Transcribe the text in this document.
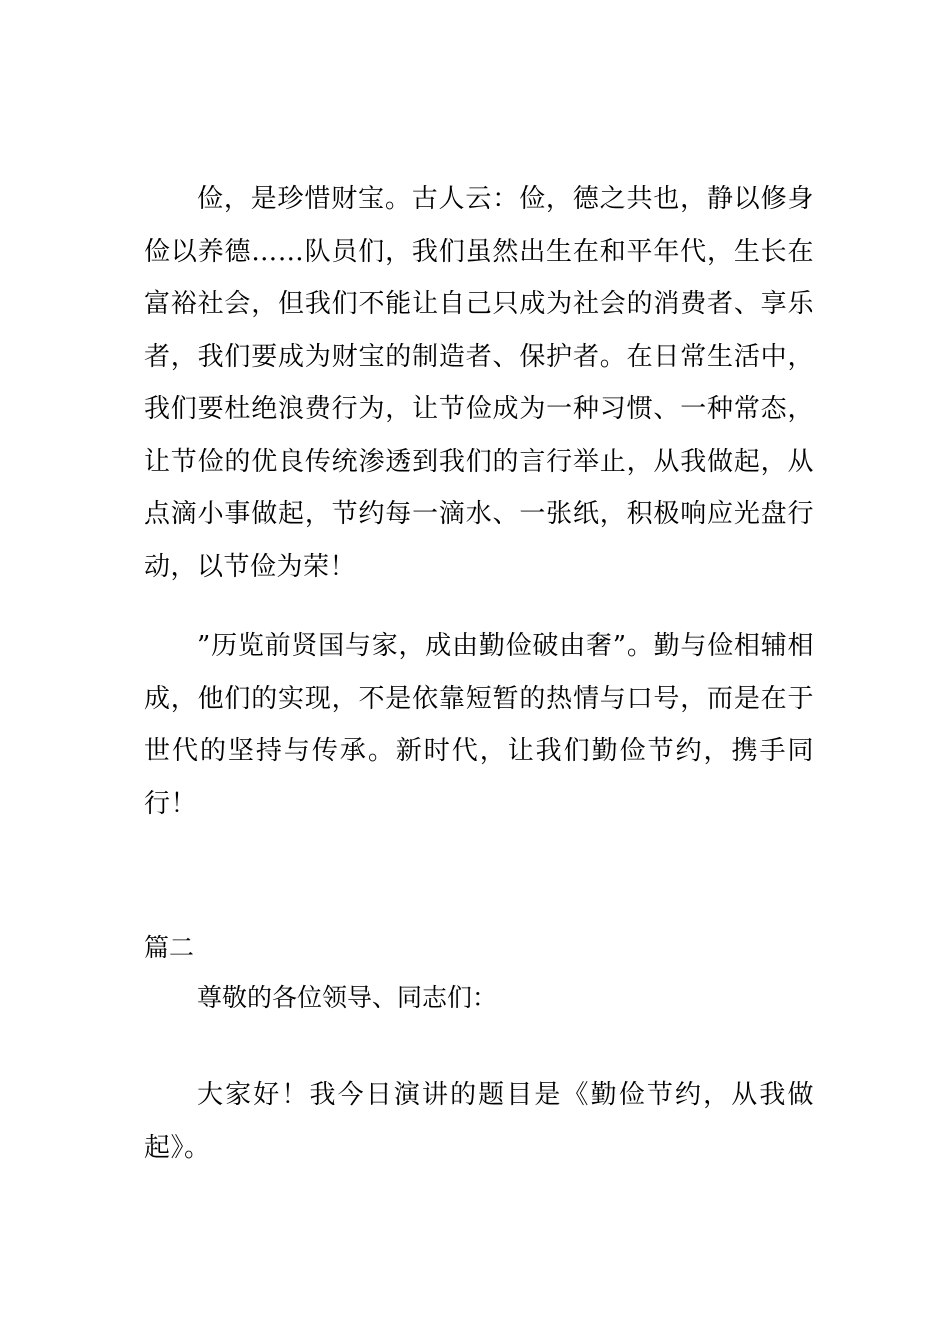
俭，是珍惜财宝。古人云：俭，德之共也，静以修身俭以养德……队员们，我们虽然出生在和平年代，生长在富裕社会，但我们不能让自己只成为社会的消费者、享乐者，我们要成为财宝的制造者、保护者。在日常生活中，我们要杜绝浪费行为，让节俭成为一种习惯、一种常态，让节俭的优良传统渗透到我们的言行举止，从我做起，从点滴小事做起，节约每一滴水、一张纸，积极响应光盘行动，以节俭为荣！

”历览前贤国与家，成由勤俭破由奢”。勤与俭相辅相成，他们的实现，不是依靠短暂的热情与口号，而是在于世代的坚持与传承。新时代，让我们勤俭节约，携手同行！

篇二

尊敬的各位领导、同志们：

大家好！我今日演讲的题目是《勤俭节约，从我做起》。
